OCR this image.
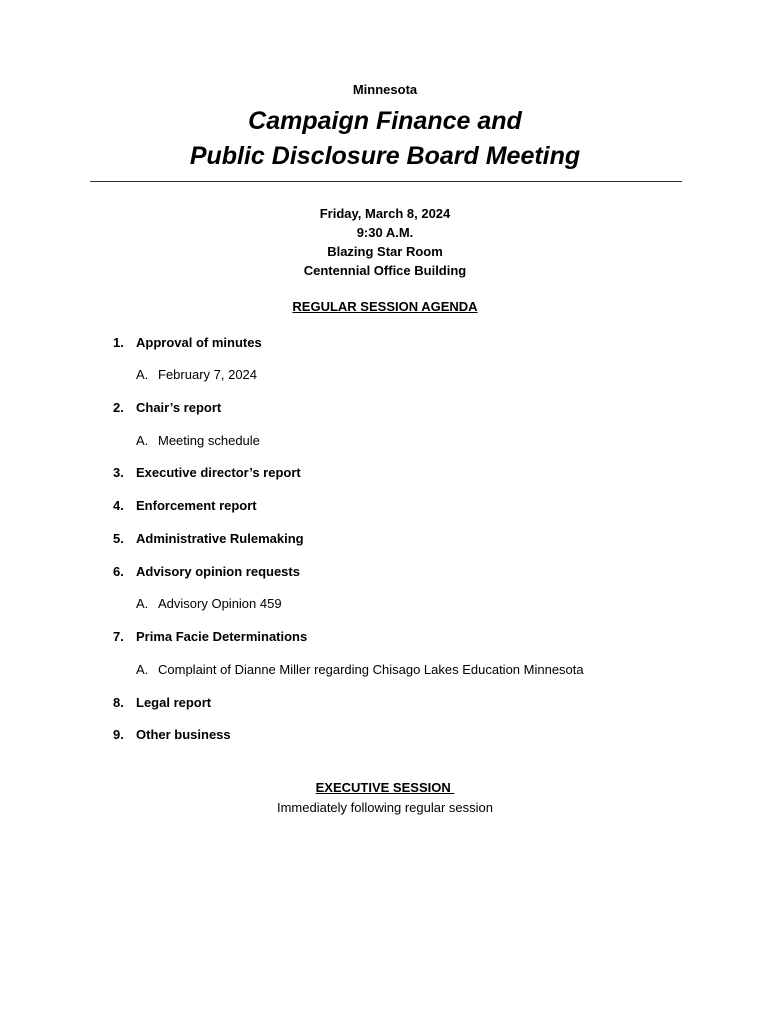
Minnesota
Campaign Finance and
Public Disclosure Board Meeting
Friday, March 8, 2024
9:30 A.M.
Blazing Star Room
Centennial Office Building
REGULAR SESSION AGENDA
1. Approval of minutes
A. February 7, 2024
2. Chair’s report
A. Meeting schedule
3. Executive director’s report
4. Enforcement report
5. Administrative Rulemaking
6. Advisory opinion requests
A. Advisory Opinion 459
7. Prima Facie Determinations
A. Complaint of Dianne Miller regarding Chisago Lakes Education Minnesota
8. Legal report
9. Other business
EXECUTIVE SESSION
Immediately following regular session
